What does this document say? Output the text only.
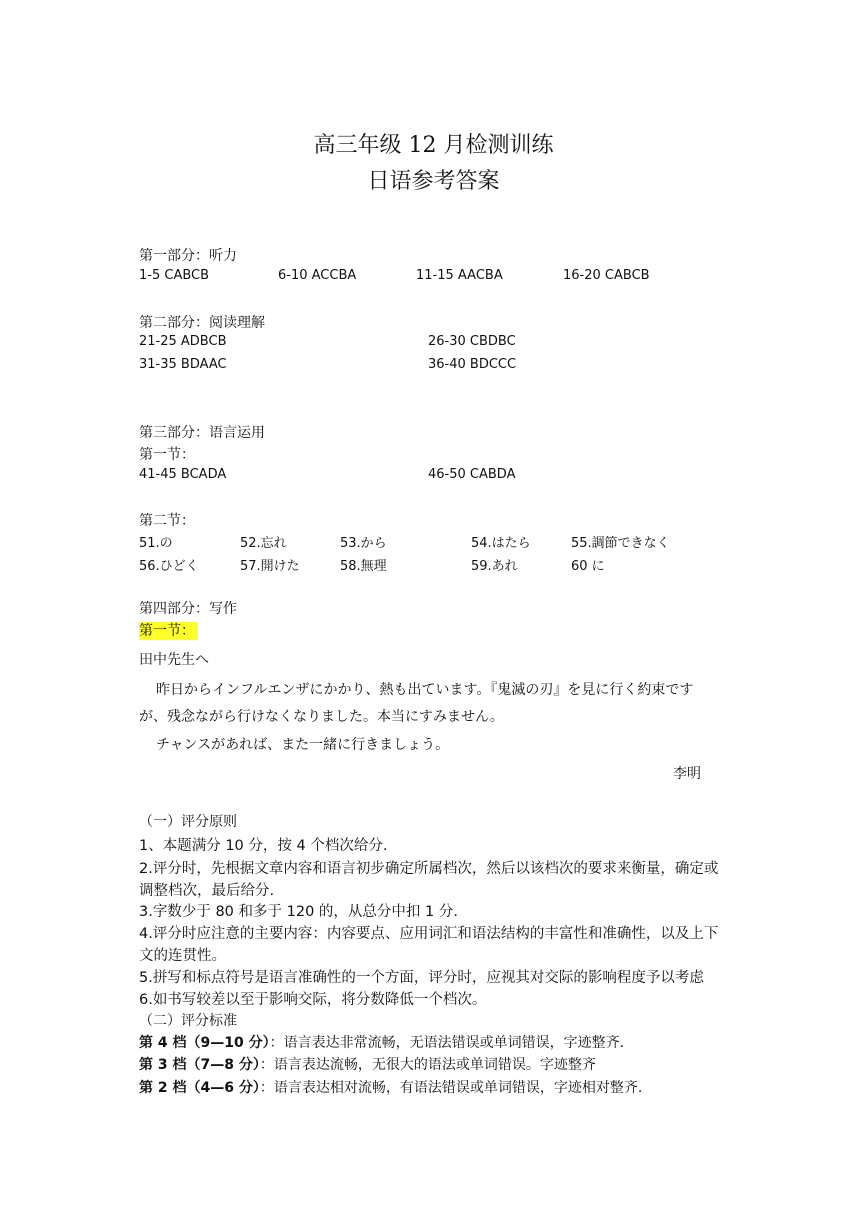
高三年级 12 月检测训练
日语参考答案
第一部分：听力
1-5 CABCB	6-10 ACCBA	11-15 AACBA	16-20 CABCB
第二部分：阅读理解
21-25 ADBCB	26-30 CBDBC
31-35 BDAAC	36-40 BDCCC
第三部分：语言运用
第一节：
41-45 BCADA	46-50 CABDA
第二节：
51.の	52.忘れ	53.から	54.はたら	55.調節できなく
56.ひどく	57.開けた	58.無理	59.あれ	60 に
第四部分：写作
第一节：
田中先生へ
昨日からインフルエンザにかかり、熱も出ています。『鬼滅の刃』を見に行く約束です
が、残念ながら行けなくなりました。本当にすみません。
チャンスがあれば、また一緒に行きましょう。
李明
（一）评分原则
1、本题满分 10 分，按 4 个档次给分.
2.评分时，先根据文章内容和语言初步确定所属档次，然后以该档次的要求来衡量，确定或
调整档次，最后给分.
3.字数少于 80 和多于 120 的，从总分中扣 1 分.
4.评分时应注意的主要内容：内容要点、应用词汇和语法结构的丰富性和准确性，以及上下
文的连贯性。
5.拼写和标点符号是语言准确性的一个方面，评分时，应视其对交际的影响程度予以考虑
6.如书写较差以至于影响交际，将分数降低一个档次。
（二）评分标准
第 4 档（9—10 分）：语言表达非常流畅，无语法错误或单词错误，字迹整齐.
第 3 档（7—8 分）：语言表达流畅，无很大的语法或单词错误。字迹整齐
第 2 档（4—6 分）：语言表达相对流畅，有语法错误或单词错误，字迹相对整齐.
